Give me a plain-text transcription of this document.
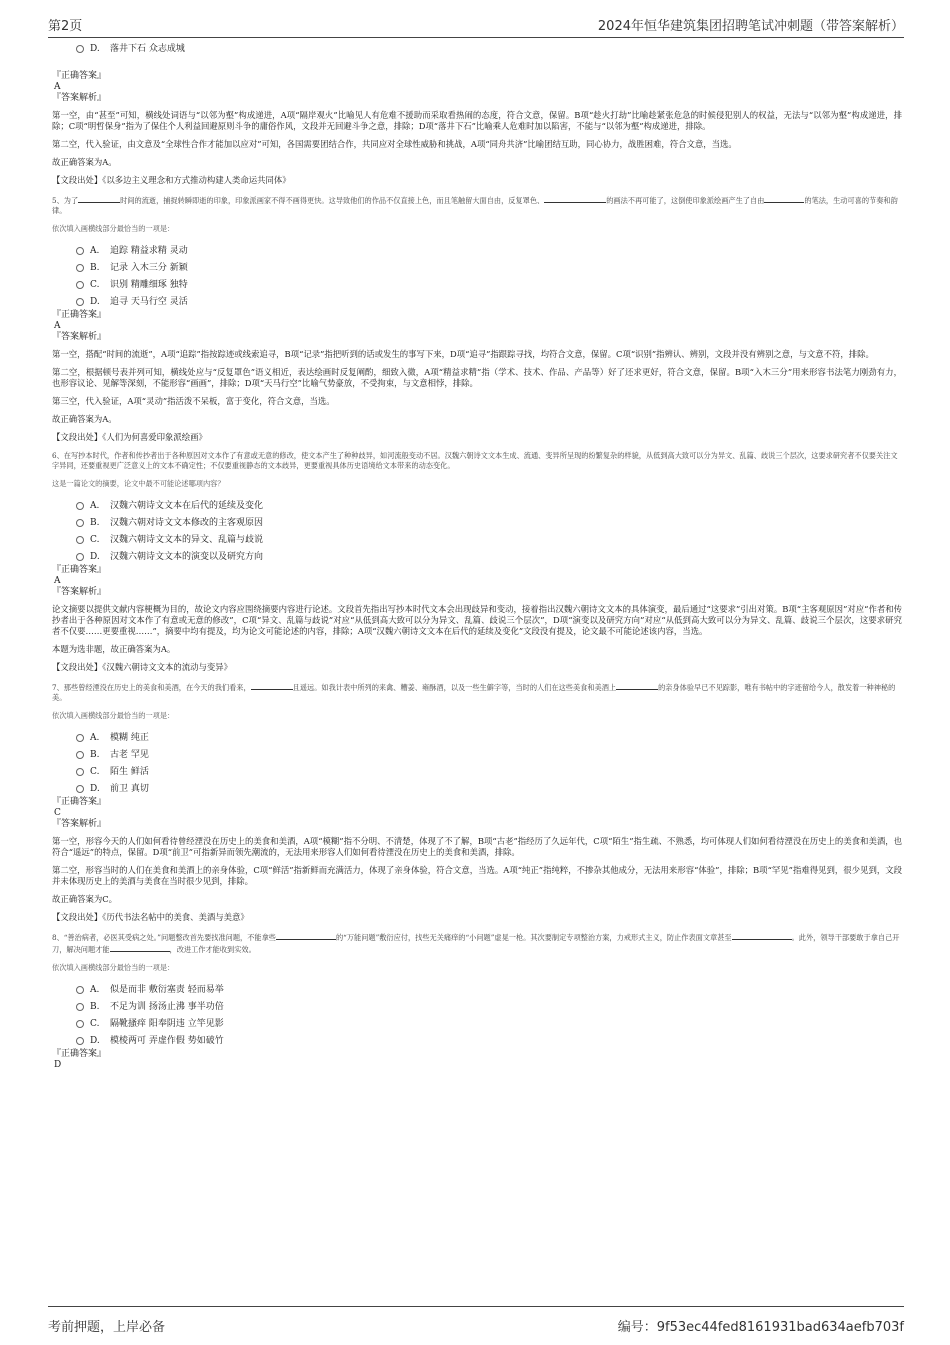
第2页	2024年恒华建筑集团招聘笔试冲刺题（带答案解析）
D.	落井下石 众志成城

『正确答案』

A

『答案解析』

第一空，由“甚至”可知，横线处词语与“以邻为壑”构成递进，A项“隔岸观火”比喻见人有危难不援助而采取看热闹的态度，符合文意，保留。B项“趁火打劫”比喻趁紧张危急的时候侵犯别人的权益，无法与“以邻为壑”构成递进，排除；C项“明哲保身”指为了保住个人利益回避原则斗争的庸俗作风，文段并无回避斗争之意，排除；D项“落井下石”比喻乘人危难时加以陷害，不能与“以邻为壑”构成递进，排除。

第二空，代入验证，由文意及“全球性合作才能加以应对”可知，各国需要团结合作，共同应对全球性威胁和挑战，A项“同舟共济”比喻团结互助，同心协力，战胜困难，符合文意，当选。

故正确答案为A。

【文段出处】《以多边主义理念和方式推动构建人类命运共同体》

5、为了	时间的流逝，捕捉转瞬即逝的印象，印象派画家不得不画得更快。这导致他们的作品不仅直接上色，而且笔触留大面自由，反复罩色、	的画法不再可能了，这倒使印象派绘画产生了自由	的笔法，生动可喜的节奏和韵律。

依次填入画横线部分最恰当的一项是：

A.	追踪 精益求精 灵动
B.	记录 入木三分 新颖
C.	识别 精雕细琢 独特
D.	追寻 天马行空 灵活

『正确答案』

A

『答案解析』

第一空，搭配“时间的流逝”，A项“追踪”指按踪迹或线索追寻，B项“记录”指把听到的话或发生的事写下来，D项“追寻”指跟踪寻找，均符合文意，保留。C项“识别”指辨认、辨别，文段并没有辨别之意，与文意不符，排除。

第二空，根据顿号表并列可知，横线处应与“反复罩色”语义相近，表达绘画时反复阐酌，细致入微，A项“精益求精”指（学术、技术、作品、产品等）好了还求更好，符合文意，保留。B项“入木三分”用来形容书法笔力刚劲有力，也形容议论、见解等深刻，不能形容“画画”，排除；D项“天马行空”比喻气势豪放，不受拘束，与文意相悖，排除。

第三空，代入验证，A项“灵动”指活泼不呆板，富于变化，符合文意，当选。

故正确答案为A。

【文段出处】《人们为何喜爱印象派绘画》

6、在写抄本时代，作者和传抄者出于各种原因对文本作了有意或无意的修改，使文本产生了种种歧异，如河流般变动不居。汉魏六朝诗文文本生成、流通、变异所呈现的纷繁复杂的样貌，从低到高大致可以分为异文、乱篇、歧说三个层次，这要求研究者不仅要关注文字异同，还要重视更广泛意义上的文本不确定性；不仅要重视静态的文本歧异，更要重视具体历史语境给文本带来的动态变化。

这是一篇论文的摘要，论文中最不可能论述哪项内容？

A.	汉魏六朝诗文文本在后代的延续及变化
B.	汉魏六朝对诗文文本修改的主客观原因
C.	汉魏六朝诗文文本的异文、乱篇与歧说
D.	汉魏六朝诗文文本的演变以及研究方向

『正确答案』

A

『答案解析』

论文摘要以提供文献内容梗概为目的，故论文内容应围绕摘要内容进行论述。文段首先指出写抄本时代文本会出现歧异和变动，接着指出汉魏六朝诗文文本的具体演变，最后通过“这要求”引出对策。B项“主客观原因”对应“作者和传抄者出于各种原因对文本作了有意或无意的修改”，C项“异文、乱篇与歧说”对应“从低到高大致可以分为异文、乱篇、歧说三个层次”，D项“演变以及研究方向”对应“从低到高大致可以分为异文、乱篇、歧说三个层次，这要求研究者不仅要……更要重视……”，摘要中均有提及，均为论文可能论述的内容，排除；A项“汉魏六朝诗文文本在后代的延续及变化”文段没有提及，论文最不可能论述该内容，当选。

本题为选非题，故正确答案为A。

【文段出处】《汉魏六朝诗文文本的流动与变异》

7、那些曾经湮没在历史上的美食和美酒，在今天的我们看来，	且遥远。如我计表中所列的来禽、糟姜、雍酥酒，以及一些生僻字等，当时的人们在这些美食和美酒上	的亲身体验早已不见踪影，唯有书帖中的字迹留给今人，散发着一种神秘的美。

依次填入画横线部分最恰当的一项是：

A.	模糊 纯正
B.	古老 罕见
C.	陌生 鲜活
D.	前卫 真切

『正确答案』

C

『答案解析』

第一空，形容今天的人们如何看待曾经湮没在历史上的美食和美酒，A项“模糊”指不分明、不清楚，体现了不了解，B项“古老”指经历了久远年代，C项“陌生”指生疏、不熟悉，均可体现人们如何看待湮没在历史上的美食和美酒，也符合“遥远”的特点，保留。D项“前卫”可指新异而领先潮流的，无法用来形容人们如何看待湮没在历史上的美食和美酒，排除。

第二空，形容当时的人们在美食和美酒上的亲身体验，C项“鲜活”指新鲜而充满活力，体现了亲身体验，符合文意，当选。A项“纯正”指纯粹，不掺杂其他成分，无法用来形容“体验”，排除；B项“罕见”指难得见到，很少见到，文段并未体现历史上的美酒与美食在当时很少见到，排除。

故正确答案为C。

【文段出处】《历代书法名帖中的美食、美酒与美意》

8、“善治病者，必医其受病之处。”问题整改首先要找准问题，不能拿些	的“万能问题”敷衍应付，找些无关痛痒的“小问题”虚晃一枪。其次要制定专项整治方案，力戒形式主义，防止作表面文章甚至	。此外，领导干部要敢于拿自己开刀，解决问题才能	，改进工作才能收到实效。

依次填入画横线部分最恰当的一项是：

A.	似是而非 敷衍塞责 轻而易举
B.	不足为训 扬汤止沸 事半功倍
C.	隔靴搔痒 阳奉阴违 立竿见影
D.	模棱两可 弄虚作假 势如破竹

『正确答案』

D

考前押题，上岸必备	编号：9f53ec44fed8161931bad634aefb703f
